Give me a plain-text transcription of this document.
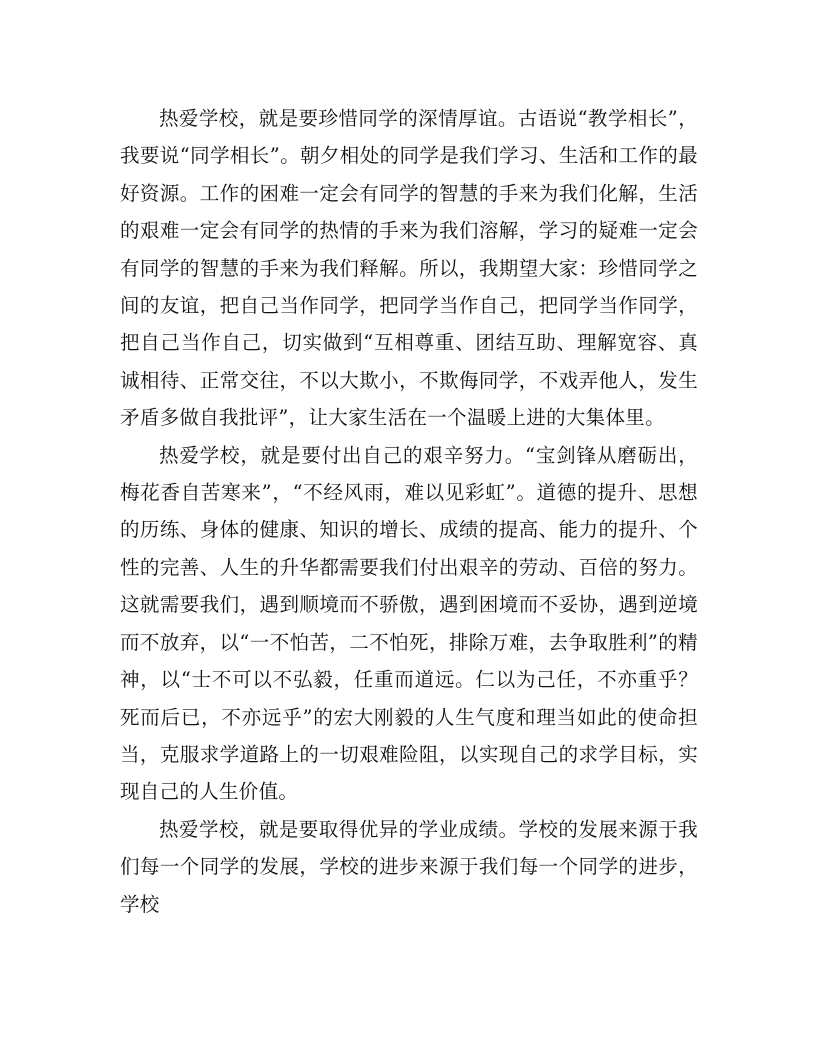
热爱学校，就是要珍惜同学的深情厚谊。古语说“教学相长”，我要说“同学相长”。朝夕相处的同学是我们学习、生活和工作的最好资源。工作的困难一定会有同学的智慧的手来为我们化解，生活的艰难一定会有同学的热情的手来为我们溶解，学习的疑难一定会有同学的智慧的手来为我们释解。所以，我期望大家：珍惜同学之间的友谊，把自己当作同学，把同学当作自己，把同学当作同学，把自己当作自己，切实做到“互相尊重、团结互助、理解宽容、真诚相待、正常交往，不以大欺小，不欺侮同学，不戏弄他人，发生矛盾多做自我批评”，让大家生活在一个温暖上进的大集体里。

热爱学校，就是要付出自己的艰辛努力。“宝剑锋从磨砺出，梅花香自苦寒来”，“不经风雨，难以见彩虹”。道德的提升、思想的历练、身体的健康、知识的增长、成绩的提高、能力的提升、个性的完善、人生的升华都需要我们付出艰辛的劳动、百倍的努力。这就需要我们，遇到顺境而不骄傲，遇到困境而不妥协，遇到逆境而不放弃，以“一不怕苦，二不怕死，排除万难，去争取胜利”的精神，以“士不可以不弘毅，任重而道远。仁以为己任，不亦重乎？死而后已，不亦远乎”的宏大刚毅的人生气度和理当如此的使命担当，克服求学道路上的一切艰难险阻，以实现自己的求学目标，实现自己的人生价值。

热爱学校，就是要取得优异的学业成绩。学校的发展来源于我们每一个同学的发展，学校的进步来源于我们每一个同学的进步，学校
